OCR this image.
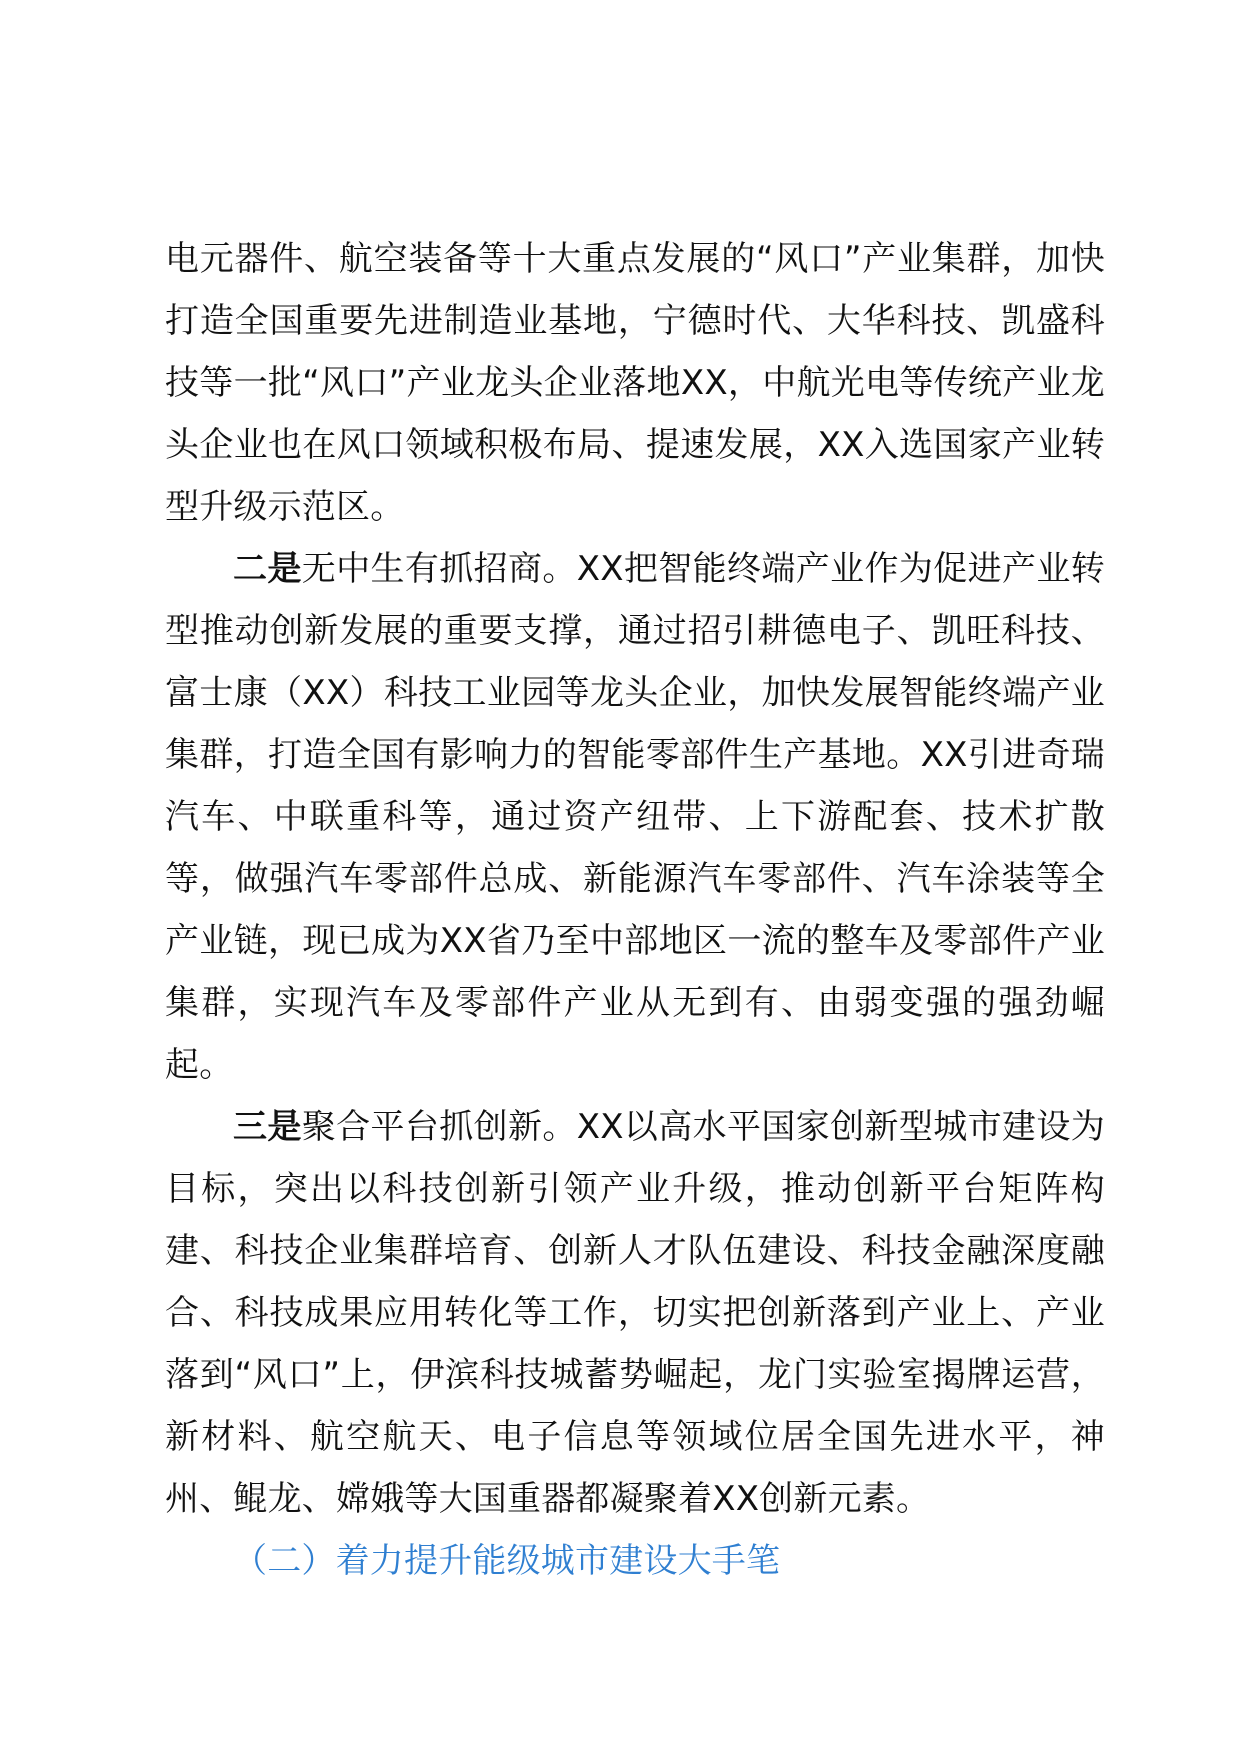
电元器件、航空装备等十大重点发展的“风口”产业集群，加快打造全国重要先进制造业基地，宁德时代、大华科技、凯盛科技等一批“风口”产业龙头企业落地XX，中航光电等传统产业龙头企业也在风口领域积极布局、提速发展，XX入选国家产业转型升级示范区。

二是无中生有抓招商。XX把智能终端产业作为促进产业转型推动创新发展的重要支撑，通过招引耕德电子、凯旺科技、富士康（XX）科技工业园等龙头企业，加快发展智能终端产业集群，打造全国有影响力的智能零部件生产基地。XX引进奇瑞汽车、中联重科等，通过资产纽带、上下游配套、技术扩散等，做强汽车零部件总成、新能源汽车零部件、汽车涂装等全产业链，现已成为XX省乃至中部地区一流的整车及零部件产业集群，实现汽车及零部件产业从无到有、由弱变强的强劲崛起。

三是聚合平台抓创新。XX以高水平国家创新型城市建设为目标，突出以科技创新引领产业升级，推动创新平台矩阵构建、科技企业集群培育、创新人才队伍建设、科技金融深度融合、科技成果应用转化等工作，切实把创新落到产业上、产业落到“风口”上，伊滨科技城蓄势崛起，龙门实验室揭牌运营，新材料、航空航天、电子信息等领域位居全国先进水平，神州、鲲龙、嫦娥等大国重器都凝聚着XX创新元素。

（二）着力提升能级城市建设大手笔
